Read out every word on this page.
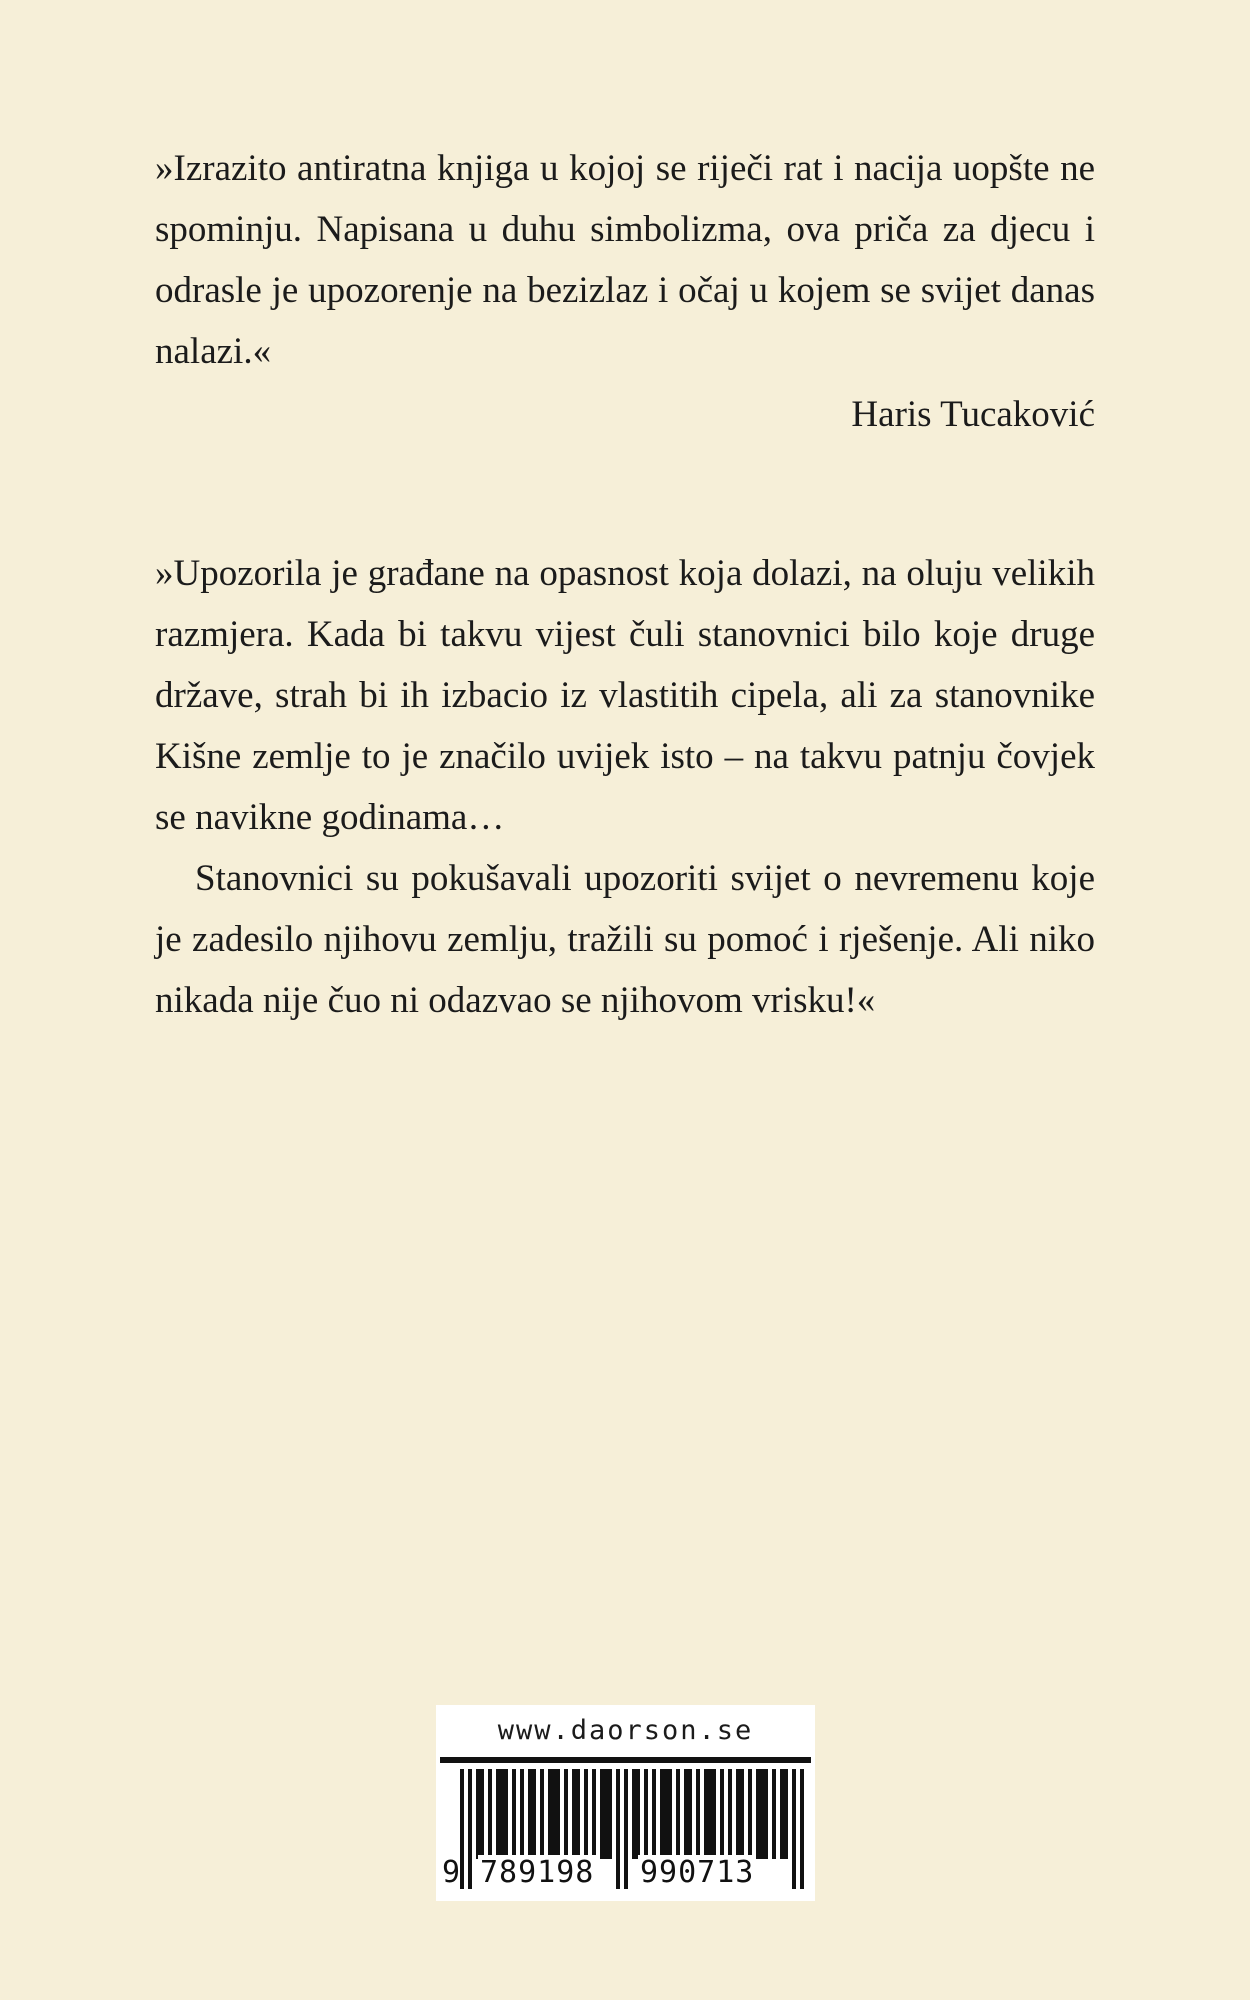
»Izrazito antiratna knjiga u kojoj se riječi rat i nacija uopšte ne spominju. Napisana u duhu simbolizma, ova priča za djecu i odrasle je upozorenje na bezizlaz i očaj u kojem se svijet danas nalazi.«

Haris Tucaković

»Upozorila je građane na opasnost koja dolazi, na oluju velikih razmjera. Kada bi takvu vijest čuli stanovnici bilo koje druge države, strah bi ih izbacio iz vlastitih cipela, ali za stanovnike Kišne zemlje to je značilo uvijek isto – na takvu patnju čovjek se navikne godinama…

Stanovnici su pokušavali upozoriti svijet o nevremenu koje je zadesilo njihovu zemlju, tražili su pomoć i rješenje. Ali niko nikada nije čuo ni odazvao se njihovom vrisku!«

www.daorson.se
9 789198 990713
